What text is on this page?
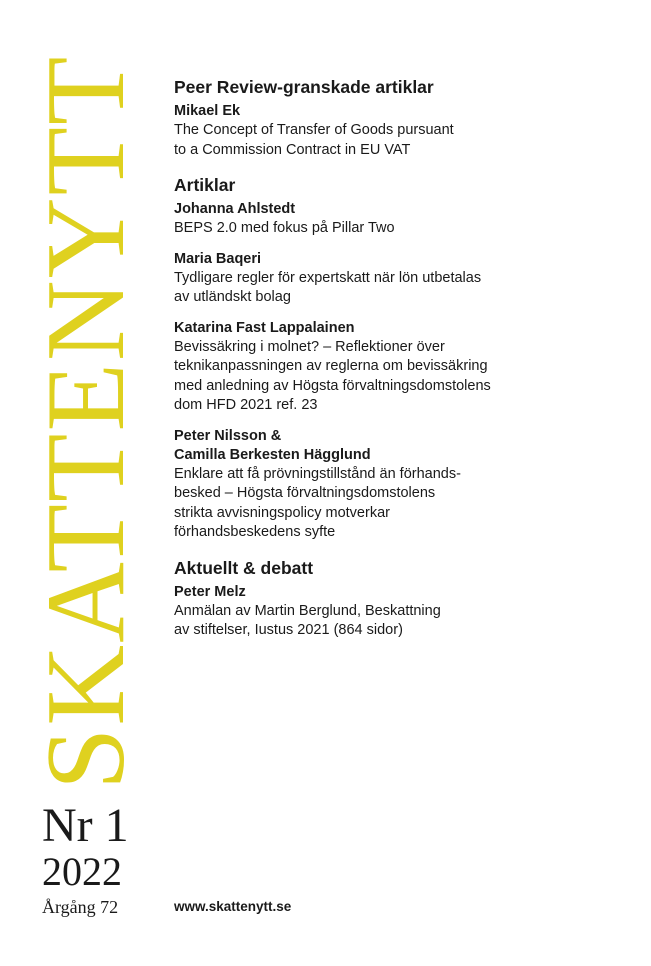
SKATTENYTT
Nr 1
2022
Årgång 72
Peer Review-granskade artiklar
Mikael Ek
The Concept of Transfer of Goods pursuant
to a Commission Contract in EU VAT
Artiklar
Johanna Ahlstedt
BEPS 2.0 med fokus på Pillar Two
Maria Baqeri
Tydligare regler för expertskatt när lön utbetalas
av utländskt bolag
Katarina Fast Lappalainen
Bevissäkring i molnet? – Reflektioner över
teknikanpassningen av reglerna om bevissäkring
med anledning av Högsta förvaltningsdomstolens
dom HFD 2021 ref. 23
Peter Nilsson &
Camilla Berkesten Hägglund
Enklare att få prövningstillstånd än förhands-
besked – Högsta förvaltningsdomstolens
strikta avvisningspolicy motverkar
förhandsbeskedens syfte
Aktuellt & debatt
Peter Melz
Anmälan av Martin Berglund, Beskattning
av stiftelser, Iustus 2021 (864 sidor)
www.skattenytt.se
